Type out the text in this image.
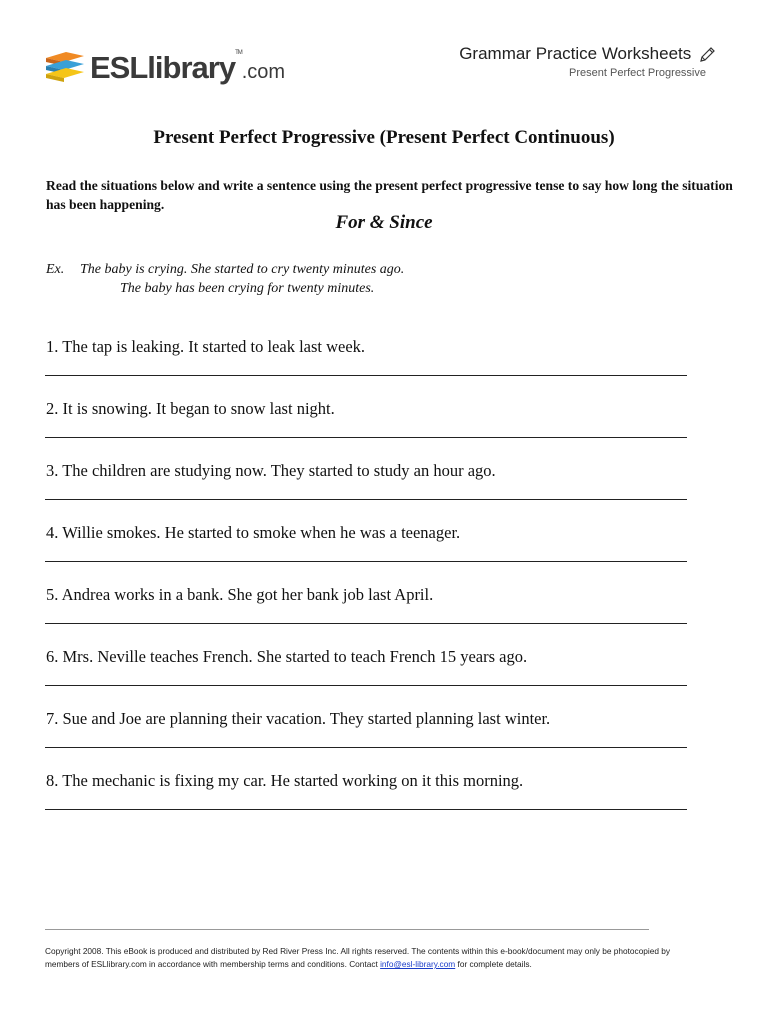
ESLlibrary™.com
Grammar Practice Worksheets
Present Perfect Progressive
Present Perfect Progressive (Present Perfect Continuous)
Read the situations below and write a sentence using the present perfect progressive tense to say how long the situation has been happening.
For & Since
Ex. The baby is crying. She started to cry twenty minutes ago.
The baby has been crying for twenty minutes.
1. The tap is leaking. It started to leak last week.
2. It is snowing. It began to snow last night.
3. The children are studying now. They started to study an hour ago.
4. Willie smokes. He started to smoke when he was a teenager.
5. Andrea works in a bank. She got her bank job last April.
6. Mrs. Neville teaches French. She started to teach French 15 years ago.
7. Sue and Joe are planning their vacation. They started planning last winter.
8. The mechanic is fixing my car. He started working on it this morning.
Copyright 2008. This eBook is produced and distributed by Red River Press Inc. All rights reserved. The contents within this e-book/document may only be photocopied by members of ESLlibrary.com in accordance with membership terms and conditions. Contact info@esl-library.com for complete details.
